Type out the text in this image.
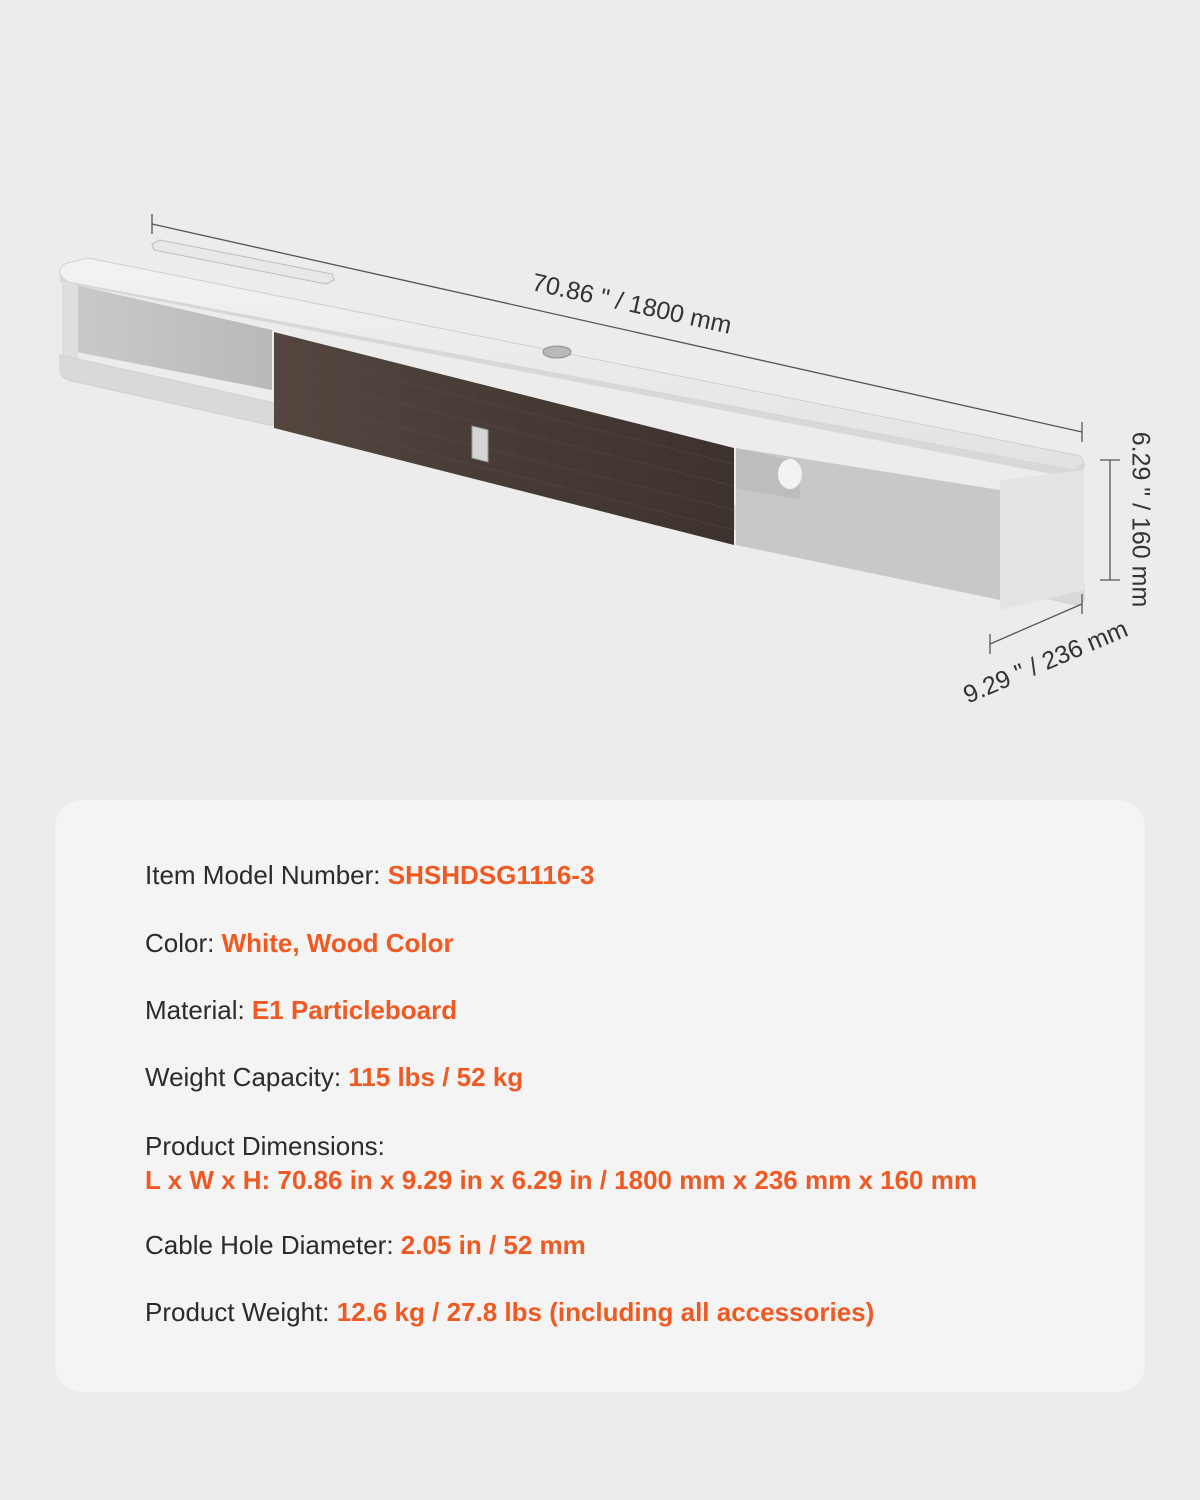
70.86 " / 1800 mm
6.29 " / 160 mm
9.29 " / 236 mm
Item Model Number: SHSHDSG1116-3
Color: White, Wood Color
Material: E1 Particleboard
Weight Capacity: 115 lbs / 52 kg
Product Dimensions:
L x W x H: 70.86 in x 9.29 in x 6.29 in / 1800 mm x 236 mm x 160 mm
Cable Hole Diameter: 2.05 in / 52 mm
Product Weight: 12.6 kg / 27.8 lbs (including all accessories)
